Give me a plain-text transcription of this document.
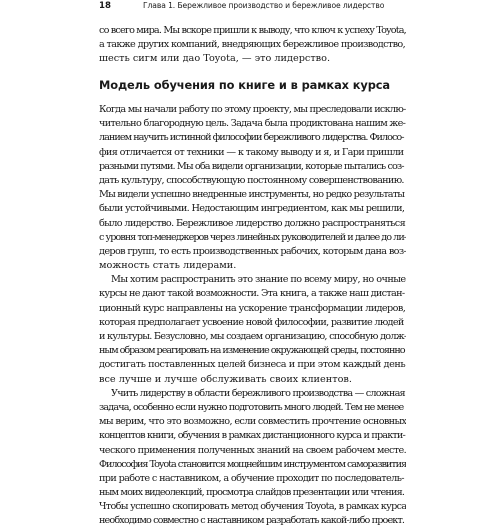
18	Глава 1. Бережливое производство и бережливое лидерство

со всего мира. Мы вскоре пришли к выводу, что ключ к успеху Toyota,
а также других компаний, внедряющих бережливое производство,
шесть сигм или дао Toyota, — это лидерство.

Модель обучения по книге и в рамках курса

Когда мы начали работу по этому проекту, мы преследовали исклю-
чительно благородную цель. Задача была продиктована нашим же-
ланием научить истинной философии бережливого лидерства. Филосо-
фия отличается от техники — к такому выводу и я, и Гари пришли
разными путями. Мы оба видели организации, которые пытались соз-
дать культуру, способствующую постоянному совершенствованию.
Мы видели успешно внедренные инструменты, но редко результаты
были устойчивыми. Недостающим ингредиентом, как мы решили,
было лидерство. Бережливое лидерство должно распространяться
с уровня топ-менеджеров через линейных руководителей и далее до ли-
деров групп, то есть производственных рабочих, которым дана воз-
можность стать лидерами.

Мы хотим распространить это знание по всему миру, но очные
курсы не дают такой возможности. Эта книга, а также наш дистан-
ционный курс направлены на ускорение трансформации лидеров,
которая предполагает усвоение новой философии, развитие людей
и культуры. Безусловно, мы создаем организацию, способную долж-
ным образом реагировать на изменение окружающей среды, постоянно
достигать поставленных целей бизнеса и при этом каждый день
все лучше и лучше обслуживать своих клиентов.

Учить лидерству в области бережливого производства — сложная
задача, особенно если нужно подготовить много людей. Тем не менее
мы верим, что это возможно, если совместить прочтение основных
концептов книги, обучения в рамках дистанционного курса и практи-
ческого применения полученных знаний на своем рабочем месте.
Философия Toyota становится мощнейшим инструментом саморазвития
при работе с наставником, а обучение проходит по последователь-
ным моих видеолекций, просмотра слайдов презентации или чтения.
Чтобы успешно скопировать метод обучения Toyota, в рамках курса
необходимо совместно с наставником разработать какой-либо проект.
